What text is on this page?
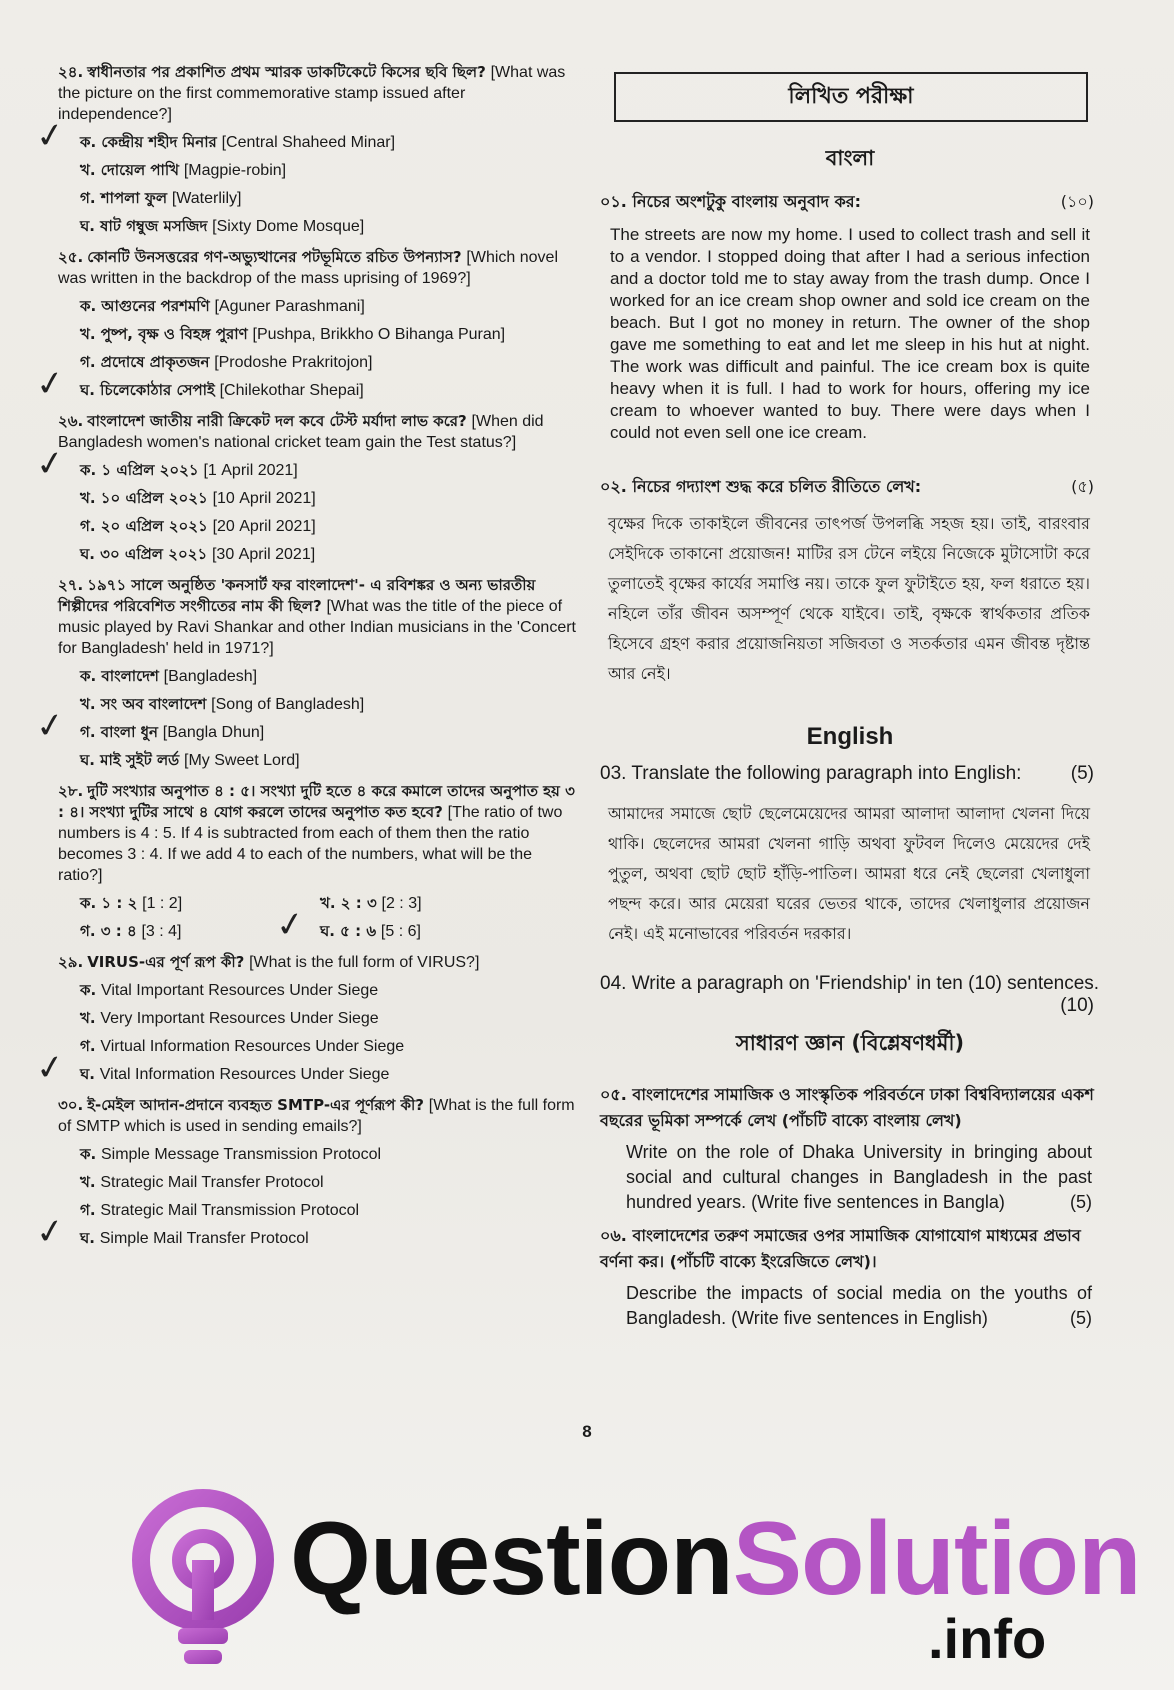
২৪. স্বাধীনতার পর প্রকাশিত প্রথম স্মারক ডাকটিকেটে কিসের ছবি ছিল? [What was the picture on the first commemorative stamp issued after independence?]
✓ ক. কেন্দ্রীয় শহীদ মিনার [Central Shaheed Minar]
খ. দোয়েল পাখি [Magpie-robin]
গ. শাপলা ফুল [Waterlily]
ঘ. ষাট গম্বুজ মসজিদ [Sixty Dome Mosque]
২৫. কোনটি উনসত্তরের গণ-অভ্যুত্থানের পটভূমিতে রচিত উপন্যাস? [Which novel was written in the backdrop of the mass uprising of 1969?]
ক. আগুনের পরশমণি [Aguner Parashmani]
খ. পুষ্প, বৃক্ষ ও বিহঙ্গ পুরাণ [Pushpa, Brikkho O Bihanga Puran]
গ. প্রদোষে প্রাকৃতজন [Prodoshe Prakritojon]
✓ ঘ. চিলেকোঠার সেপাই [Chilekothar Shepai]
২৬. বাংলাদেশ জাতীয় নারী ক্রিকেট দল কবে টেস্ট মর্যাদা লাভ করে? [When did Bangladesh women's national cricket team gain the Test status?]
✓ ক. ১ এপ্রিল ২০২১ [1 April 2021]
খ. ১০ এপ্রিল ২০২১ [10 April 2021]
গ. ২০ এপ্রিল ২০২১ [20 April 2021]
ঘ. ৩০ এপ্রিল ২০২১ [30 April 2021]
২৭. ১৯৭১ সালে অনুষ্ঠিত 'কনসার্ট ফর বাংলাদেশ'- এ রবিশঙ্কর ও অন্য ভারতীয় শিল্পীদের পরিবেশিত সংগীতের নাম কী ছিল? [What was the title of the piece of music played by Ravi Shankar and other Indian musicians in the 'Concert for Bangladesh' held in 1971?]
ক. বাংলাদেশ [Bangladesh]
খ. সং অব বাংলাদেশ [Song of Bangladesh]
✓ গ. বাংলা ধুন [Bangla Dhun]
ঘ. মাই সুইট লর্ড [My Sweet Lord]
২৮. দুটি সংখ্যার অনুপাত ৪ : ৫। সংখ্যা দুটি হতে ৪ করে কমালে তাদের অনুপাত হয় ৩ : ৪। সংখ্যা দুটির সাথে ৪ যোগ করলে তাদের অনুপাত কত হবে? [The ratio of two numbers is 4 : 5. If 4 is subtracted from each of them then the ratio becomes 3 : 4. If we add 4 to each of the numbers, what will be the ratio?]
ক. ১ : ২ [1 : 2]	খ. ২ : ৩ [2 : 3]
গ. ৩ : ৪ [3 : 4]	✓ ঘ. ৫ : ৬ [5 : 6]
২৯. VIRUS-এর পূর্ণ রূপ কী? [What is the full form of VIRUS?]
ক. Vital Important Resources Under Siege
খ. Very Important Resources Under Siege
গ. Virtual Information Resources Under Siege
✓ ঘ. Vital Information Resources Under Siege
৩০. ই-মেইল আদান-প্রদানে ব্যবহৃত SMTP-এর পূর্ণরূপ কী? [What is the full form of SMTP which is used in sending emails?]
ক. Simple Message Transmission Protocol
খ. Strategic Mail Transfer Protocol
গ. Strategic Mail Transmission Protocol
✓ ঘ. Simple Mail Transfer Protocol
লিখিত পরীক্ষা
বাংলা
০১. নিচের অংশটুকু বাংলায় অনুবাদ কর:	(১০)
The streets are now my home. I used to collect trash and sell it to a vendor. I stopped doing that after I had a serious infection and a doctor told me to stay away from the trash dump. Once I worked for an ice cream shop owner and sold ice cream on the beach. But I got no money in return. The owner of the shop gave me something to eat and let me sleep in his hut at night. The work was difficult and painful. The ice cream box is quite heavy when it is full. I had to work for hours, offering my ice cream to whoever wanted to buy. There were days when I could not even sell one ice cream.
০২. নিচের গদ্যাংশ শুদ্ধ করে চলিত রীতিতে লেখ:	(৫)
বৃক্ষের দিকে তাকাইলে জীবনের তাৎপর্জ উপলব্ধি সহজ হয়। তাই, বারংবার সেইদিকে তাকানো প্রয়োজন! মাটির রস টেনে লইয়ে নিজেকে মুটাসোটা করে তুলাতেই বৃক্ষের কার্যের সমাপ্তি নয়। তাকে ফুল ফুটাইতে হয়, ফল ধরাতে হয়। নহিলে তাঁর জীবন অসম্পূর্ণ থেকে যাইবে। তাই, বৃক্ষকে স্বার্থকতার প্রতিক হিসেবে গ্রহণ করার প্রয়োজনিয়তা সজিবতা ও সতর্কতার এমন জীবন্ত দৃষ্টান্ত আর নেই।
English
03. Translate the following paragraph into English:	(5)
আমাদের সমাজে ছোট ছেলেমেয়েদের আমরা আলাদা আলাদা খেলনা দিয়ে থাকি। ছেলেদের আমরা খেলনা গাড়ি অথবা ফুটবল দিলেও মেয়েদের দেই পুতুল, অথবা ছোট ছোট হাঁড়ি-পাতিল। আমরা ধরে নেই ছেলেরা খেলাধুলা পছন্দ করে। আর মেয়েরা ঘরের ভেতর থাকে, তাদের খেলাধুলার প্রয়োজন নেই। এই মনোভাবের পরিবর্তন দরকার।
04. Write a paragraph on 'Friendship' in ten (10) sentences.
(10)
সাধারণ জ্ঞান (বিশ্লেষণধর্মী)
০৫. বাংলাদেশের সামাজিক ও সাংস্কৃতিক পরিবর্তনে ঢাকা বিশ্ববিদ্যালয়ের একশ বছরের ভূমিকা সম্পর্কে লেখ (পাঁচটি বাক্যে বাংলায় লেখ)
Write on the role of Dhaka University in bringing about social and cultural changes in Bangladesh in the past hundred years. (Write five sentences in Bangla)	(5)
০৬. বাংলাদেশের তরুণ সমাজের ওপর সামাজিক যোগাযোগ মাধ্যমের প্রভাব বর্ণনা কর। (পাঁচটি বাক্যে ইংরেজিতে লেখ)।
Describe the impacts of social media on the youths of Bangladesh. (Write five sentences in English)	(5)
8
QuestionSolution
.info
